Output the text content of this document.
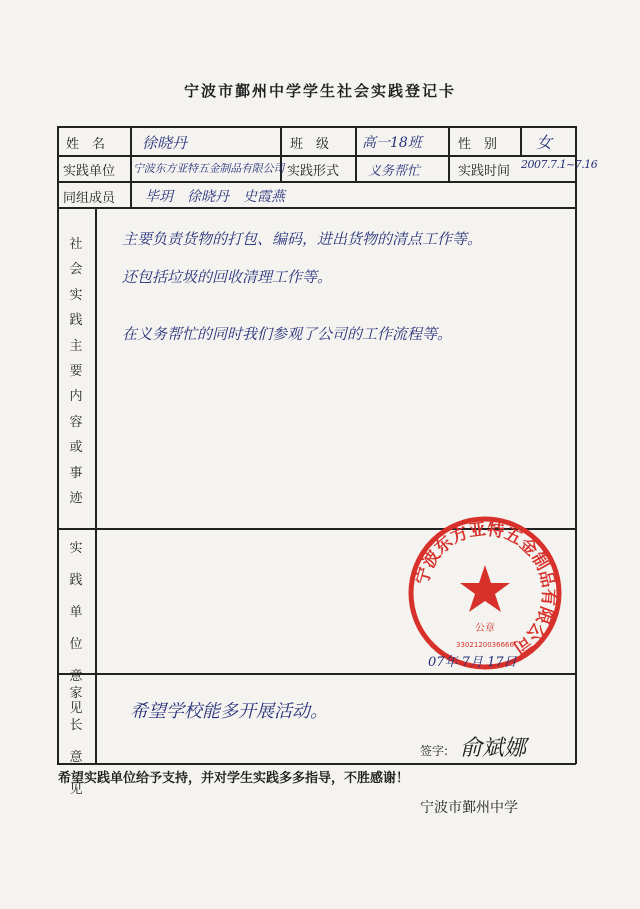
宁波市鄞州中学学生社会实践登记卡
姓　名 徐晓丹	班　级 高一18班	性　别 女
实践单位 宁波东方亚特五金制品有限公司 实践形式 义务帮忙	实践时间 2007.7.1~7.16
同组成员 毕玥　徐晓丹　史霞燕
社会实践主要内容或事迹
主要负责货物的打包、编码，进出货物的清点工作等。
还包括垃圾的回收清理工作等。
在义务帮忙的同时我们参观了公司的工作流程等。
实践单位意见
宁波东方亚特五金制品有限公司
公章
3302120036666
07年 7月 17日
家长意见
希望学校能多开展活动。
签字: 俞斌娜
希望实践单位给予支持，并对学生实践多多指导，不胜感谢！
宁波市鄞州中学
